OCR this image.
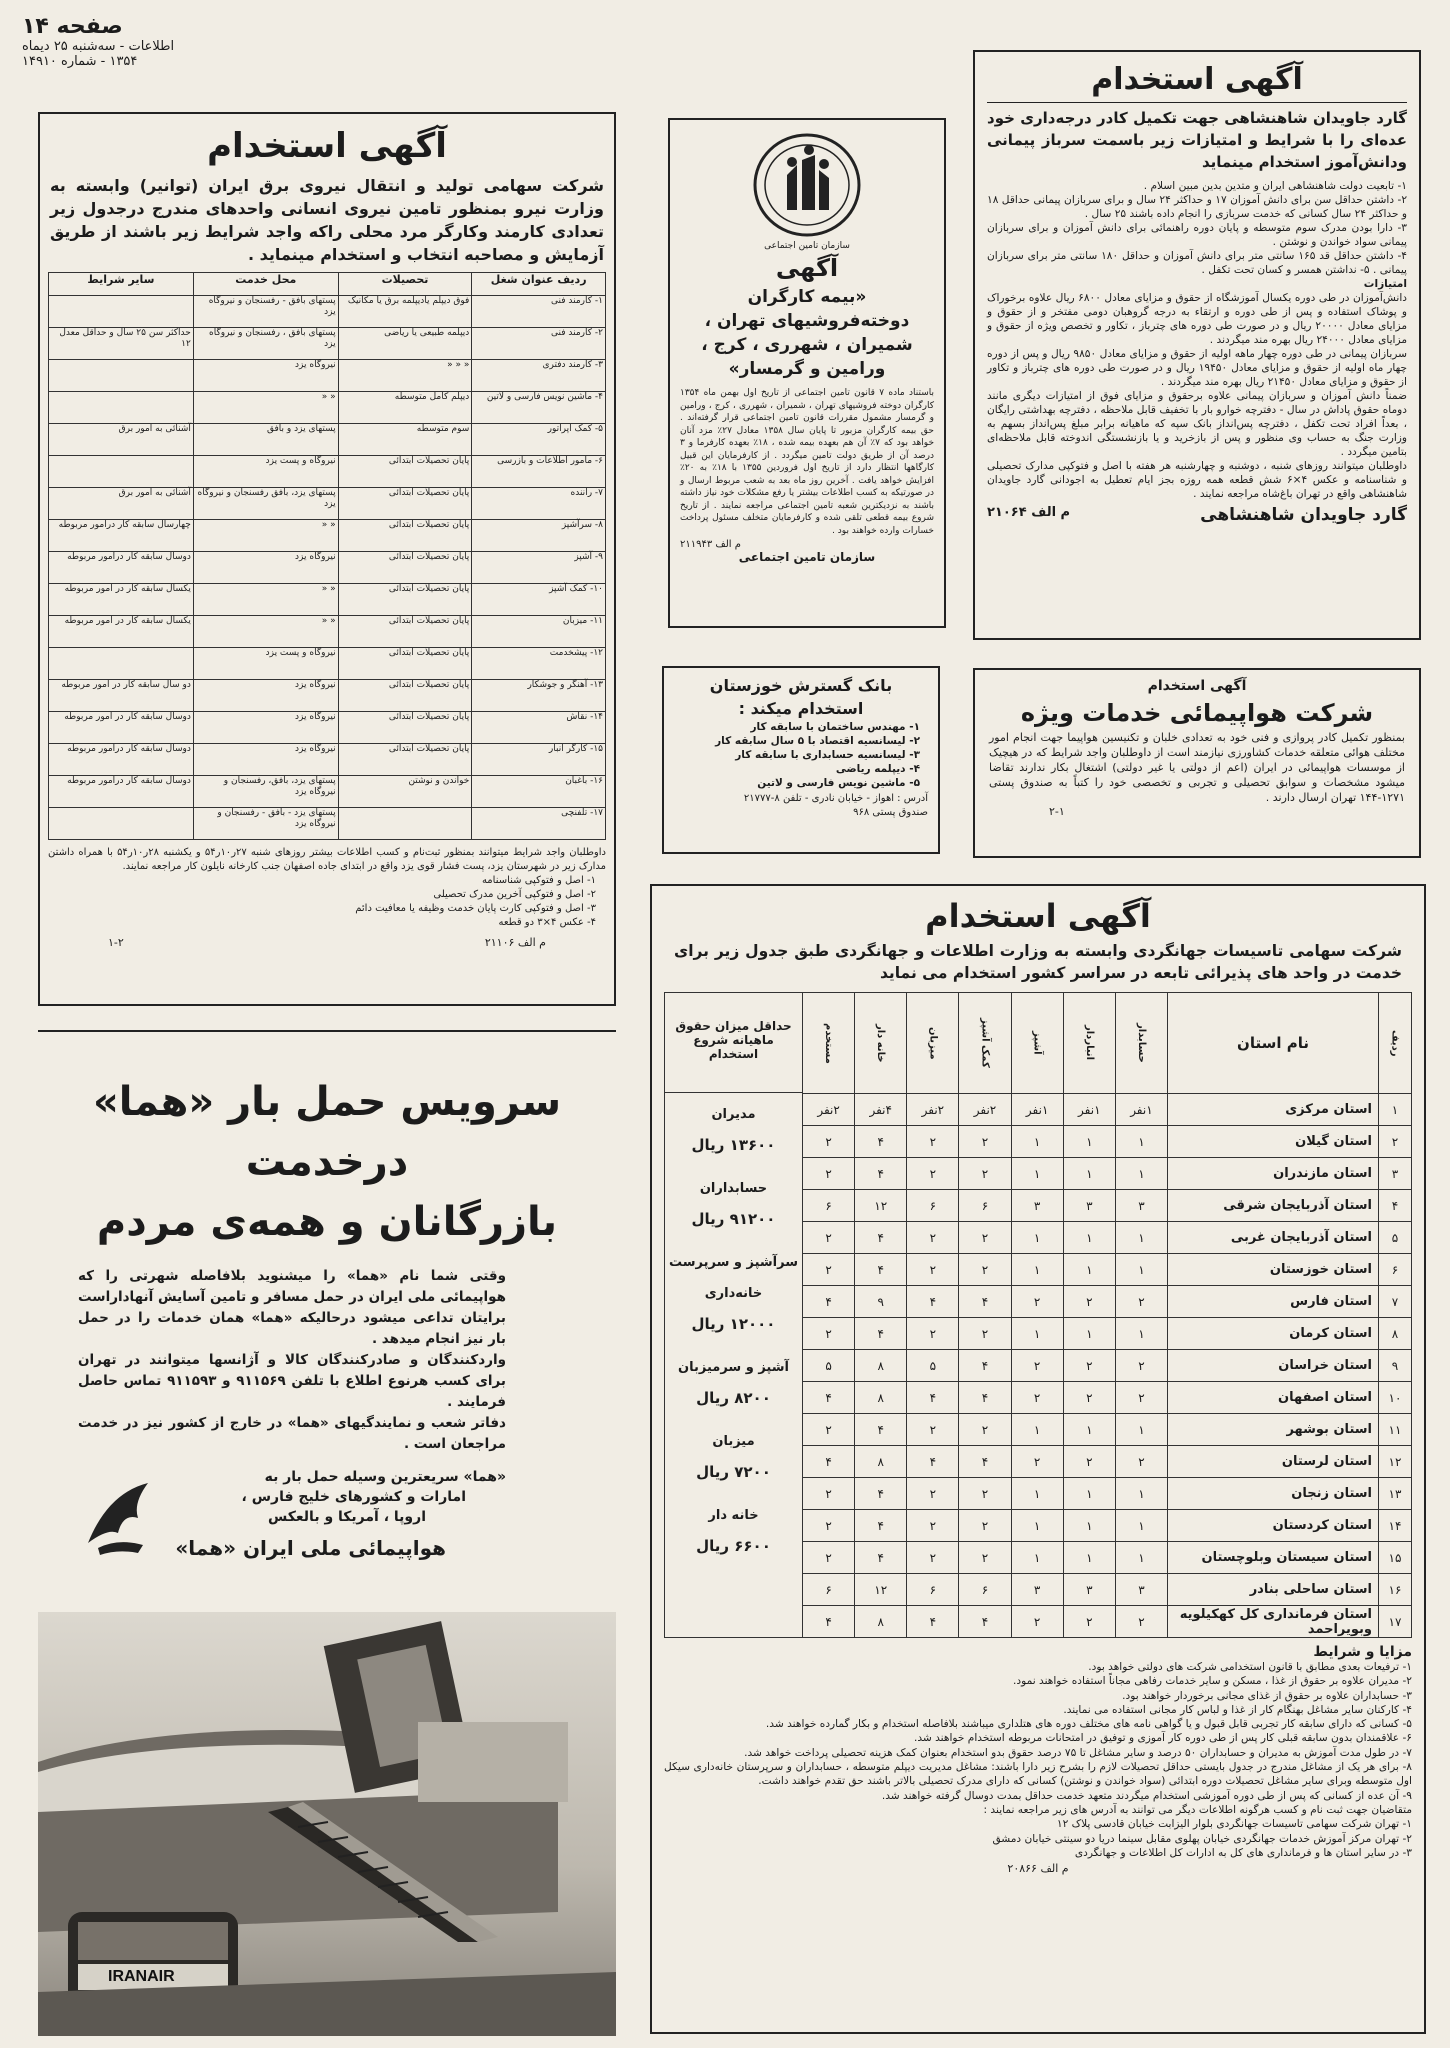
صفحه ۱۴
اطلاعات - سه‌شنبه ۲۵ دیماه
۱۳۵۴ - شماره ۱۴۹۱۰
آگهی استخدام

گارد جاویدان شاهنشاهی جهت تکمیل کادر درجه‌داری خود عده‌ای را با شرایط و امتیازات زیر باسمت سرباز پیمانی ودانش‌آموز استخدام مینماید

۱- تابعیت دولت شاهنشاهی ایران و متدین بدین مبین اسلام .

۲- داشتن حداقل سن برای دانش آموزان ۱۷ و حداکثر ۲۴ سال و برای سربازان پیمانی حداقل ۱۸ و حداکثر ۲۴ سال کسانی که خدمت سربازی را انجام داده باشند ۲۵ سال .

۳- دارا بودن مدرک سوم متوسطه و پایان دوره راهنمائی برای دانش آموزان و برای سربازان پیمانی سواد خواندن و نوشتن .

۴- داشتن حداقل قد ۱۶۵ سانتی متر برای دانش آموزان و حداقل ۱۸۰ سانتی متر برای سربازان پیمانی . ۵- نداشتن همسر و کسان تحت تکفل .

امتیازات

دانش‌آموزان در طی دوره یکسال آموزشگاه از حقوق و مزایای معادل ۶۸۰۰ ریال علاوه برخوراک و پوشاک استفاده و پس از طی دوره و ارتقاء به درجه گروهبان دومی مفتخر و از حقوق و مزایای معادل ۲۰۰۰۰ ریال و در صورت طی دوره های چترباز ، تکاور و تخصص ویژه از حقوق و مزایای معادل ۲۴۰۰۰ ریال بهره مند میگردند .

سربازان پیمانی در طی دوره چهار ماهه اولیه از حقوق و مزایای معادل ۹۸۵۰ ریال و پس از دوره چهار ماه اولیه از حقوق و مزایای معادل ۱۹۴۵۰ ریال و در صورت طی دوره های چترباز و تکاور از حقوق و مزایای معادل ۲۱۴۵۰ ریال بهره مند میگردند .

ضمناً دانش آموزان و سربازان پیمانی علاوه برحقوق و مزایای فوق از امتیازات دیگری مانند دوماه حقوق پاداش در سال - دفترچه خوارو بار با تخفیف قابل ملاحظه ، دفترچه بهداشتی رایگان ، بعداً افراد تحت تکفل ، دفترچه پس‌انداز بانک سپه که ماهیانه برابر مبلغ پس‌انداز بسهم به وزارت جنگ به حساب وی منظور و پس از بازخرید و یا بازنشستگی اندوخته قابل ملاحظه‌ای بتامین میگردد .

داوطلبان میتوانند روزهای شنبه ، دوشنبه و چهارشنبه هر هفته با اصل و فتوکپی مدارک تحصیلی و شناسنامه و عکس ۴×۶ شش قطعه همه روزه بجز ایام تعطیل به اجودانی گارد جاویدان شاهنشاهی واقع در تهران باغ‌شاه مراجعه نمایند .

گارد جاویدان شاهنشاهی
م الف ۲۱۰۶۴
سازمان تامین اجتماعی
آگهی

«بیمه کارگران دوخته‌فروشیهای تهران ، شمیران ، شهرری ، کرج ، ورامین و گرمسار»

باستناد ماده ۷ قانون تامین اجتماعی از تاریخ اول بهمن ماه ۱۳۵۴ کارگران دوخته فروشیهای تهران ، شمیران ، شهرری ، کرج ، ورامین و گرمسار مشمول مقررات قانون تامین اجتماعی قرار گرفته‌اند . حق بیمه کارگران مزبور تا پایان سال ۱۳۵۸ معادل ۲۷٪ مزد آنان خواهد بود که ۷٪ آن هم بعهده بیمه شده ، ۱۸٪ بعهده کارفرما و ۳ درصد آن از طریق دولت تامین میگردد . از کارفرمایان این قبیل کارگاهها انتظار دارد از تاریخ اول فروردین ۱۳۵۵ با ۱۸٪ به ۲۰٪ افزایش خواهد یافت . آخرین روز ماه بعد به شعب مربوط ارسال و در صورتیکه به کسب اطلاعات بیشتر یا رفع مشکلات خود نیاز داشته باشند به نزدیکترین شعبه تامین اجتماعی مراجعه نمایند . از تاریخ شروع بیمه قطعی تلقی شده و کارفرمایان متخلف مسئول پرداخت خسارات وارده خواهند بود .

م الف ۲۱۱۹۴۳
سازمان تامین اجتماعی
آگهی استخدام

شرکت سهامی تولید و انتقال نیروی برق ایران (توانیر) وابسته به وزارت نیرو بمنظور تامین نیروی انسانی واحدهای مندرج درجدول زیر تعدادی کارمند وکارگر مرد محلی راکه واجد شرایط زیر باشند از طریق آزمایش و مصاحبه انتخاب و استخدام مینماید .

ردیف عنوان شغل	تحصیلات	محل خدمت	سایر شرایط
۱- کارمند فنی	فوق دیپلم یادیپلمه برق یا مکانیک	پستهای بافق - رفسنجان و نیروگاه یزد	
۲- کارمند فنی	دیپلمه طبیعی یا ریاضی	پستهای بافق ، رفسنجان و نیروگاه یزد	حداکثر سن ۲۵ سال و حداقل معدل ۱۲
۳- کارمند دفتری	« « «	نیروگاه یزد	
۴- ماشین نویس فارسی و لاتین	دیپلم کامل متوسطه	« «	
۵- کمک اپراتور	سوم متوسطه	پستهای یزد و بافق	آشنائی به امور برق
۶- مامور اطلاعات و بازرسی	پایان تحصیلات ابتدائی	نیروگاه و پست یزد	
۷- راننده	پایان تحصیلات ابتدائی	پستهای یزد، بافق رفسنجان و نیروگاه یزد	آشنائی به امور برق
۸- سرآشپز	پایان تحصیلات ابتدائی	« «	چهارسال سابقه کار درامور مربوطه
۹- آشپز	پایان تحصیلات ابتدائی	نیروگاه یزد	دوسال سابقه کار درامور مربوطه
۱۰- کمک آشپز	پایان تحصیلات ابتدائی	« «	یکسال سابقه کار در امور مربوطه
۱۱- میزبان	پایان تحصیلات ابتدائی	« «	یکسال سابقه کار در امور مربوطه
۱۲- پیشخدمت	پایان تحصیلات ابتدائی	نیروگاه و پست یزد	
۱۳- آهنگر و جوشکار	پایان تحصیلات ابتدائی	نیروگاه یزد	دو سال سابقه کار در امور مربوطه
۱۴- نقاش	پایان تحصیلات ابتدائی	نیروگاه یزد	دوسال سابقه کار در امور مربوطه
۱۵- کارگر انبار	پایان تحصیلات ابتدائی	نیروگاه یزد	دوسال سابقه کار درامور مربوطه
۱۶- باغبان	خواندن و نوشتن	پستهای یزد، بافق، رفسنجان و نیروگاه یزد	دوسال سابقه کار درامور مربوطه
۱۷- تلفنچی		پستهای یزد - بافق - رفسنجان و نیروگاه یزد	

داوطلبان واجد شرایط میتوانند بمنظور ثبت‌نام و کسب اطلاعات بیشتر روزهای شنبه ۲۷ر۱۰ر۵۴ و یکشنبه ۲۸ر۱۰ر۵۴ با همراه داشتن مدارک زیر در شهرستان یزد، پست فشار قوی یزد واقع در ابتدای جاده اصفهان جنب کارخانه نایلون کار مراجعه نمایند.

۱- اصل و فتوکپی شناسنامه

۲- اصل و فتوکپی آخرین مدرک تحصیلی

۳- اصل و فتوکپی کارت پایان خدمت وظیفه یا معافیت دائم

۴- عکس ۴×۳ دو قطعه

م الف ۲۱۱۰۶
۱-۲
بانک گسترش خوزستان
استخدام میکند :

۱- مهندس ساختمان با سابقه کار

۲- لیسانسیه اقتصاد با ۵ سال سابقه کار

۳- لیسانسیه حسابداری با سابقه کار

۴- دیپلمه ریاضی

۵- ماشین نویس فارسی و لاتین

آدرس : اهواز - خیابان نادری - تلفن ۸-۲۱۷۷۷

صندوق پستی ۹۶۸

آگهی استخدام
شرکت هواپیمائی خدمات ویژه

بمنظور تکمیل کادر پروازی و فنی خود به تعدادی خلبان و تکنیسین هواپیما جهت انجام امور مختلف هوائی متعلقه خدمات کشاورزی نیازمند است از داوطلبان واجد شرایط که در هیچیک از موسسات هواپیمائی در ایران (اعم از دولتی یا غیر دولتی) اشتغال بکار ندارند تقاضا میشود مشخصات و سوابق تحصیلی و تجربی و تخصصی خود را کتباً به صندوق پستی ۱۲۷۱-۱۴۴ تهران ارسال دارند .

۲-۱
آگهی استخدام

شرکت سهامی تاسیسات جهانگردی وابسته به وزارت اطلاعات و جهانگردی طبق جدول زیر برای خدمت در واحد های پذیرائی تابعه در سراسر کشور استخدام می نماید

ردیف	نام استان	حسابدار	انباردار	آشپز	کمک آشپز	میزبان	خانه دار	مستخدم
۱	استان مرکزی	۱نفر	۱نفر	۱نفر	۲نفر	۲نفر	۴نفر	۲نفر
۲	استان گیلان	۱	۱	۱	۲	۲	۴	۲
۳	استان مازندران	۱	۱	۱	۲	۲	۴	۲
۴	استان آذربایجان شرقی	۳	۳	۳	۶	۶	۱۲	۶
۵	استان آذربایجان غربی	۱	۱	۱	۲	۲	۴	۲
۶	استان خوزستان	۱	۱	۱	۲	۲	۴	۲
۷	استان فارس	۲	۲	۲	۴	۴	۹	۴
۸	استان کرمان	۱	۱	۱	۲	۲	۴	۲
۹	استان خراسان	۲	۲	۲	۴	۵	۸	۵
۱۰	استان اصفهان	۲	۲	۲	۴	۴	۸	۴
۱۱	استان بوشهر	۱	۱	۱	۲	۲	۴	۲
۱۲	استان لرستان	۲	۲	۲	۴	۴	۸	۴
۱۳	استان زنجان	۱	۱	۱	۲	۲	۴	۲
۱۴	استان کردستان	۱	۱	۱	۲	۲	۴	۲
۱۵	استان سیستان وبلوچستان	۱	۱	۱	۲	۲	۴	۲
۱۶	استان ساحلی بنادر	۳	۳	۳	۶	۶	۱۲	۶
۱۷	استان فرمانداری کل کهکیلویه وبویراحمد	۲	۲	۲	۴	۴	۸	۴
حداقل میزان حقوق ماهیانه شروع استخدام
مدیران
۱۳۶۰۰ ریال
حسابداران
۹۱۲۰۰ ریال
سرآشپز و سرپرست خانه‌داری
۱۲۰۰۰ ریال
آشپز و سرمیزبان
۸۲۰۰ ریال
میزبان
۷۲۰۰ ریال
خانه دار
۶۶۰۰ ریال
مزایا و شرایط

۱- ترفیعات بعدی مطابق با قانون استخدامی شرکت های دولتی خواهد بود.

۲- مدیران علاوه بر حقوق از غذا ، مسکن و سایر خدمات رفاهی مجاناً استفاده خواهند نمود.

۳- حسابداران علاوه بر حقوق از غذای مجانی برخوردار خواهند بود.

۴- کارکنان سایر مشاغل بهنگام کار از غذا و لباس کار مجانی استفاده می نمایند.

۵- کسانی که دارای سابقه کار تجربی قابل قبول و یا گواهی نامه های مختلف دوره های هتلداری میباشند بلافاصله استخدام و بکار گمارده خواهند شد.

۶- علاقمندان بدون سابقه قبلی کار پس از طی دوره کار آموزی و توفیق در امتحانات مربوطه استخدام خواهند شد.

۷- در طول مدت آموزش به مدیران و حسابداران ۵۰ درصد و سایر مشاغل تا ۷۵ درصد حقوق بدو استخدام بعنوان کمک هزینه تحصیلی پرداخت خواهد شد.

۸- برای هر یک از مشاغل مندرج در جدول بایستی حداقل تحصیلات لازم را بشرح زیر دارا باشند: مشاغل مدیریت دیپلم متوسطه ، حسابداران و سرپرستان خانه‌داری سیکل اول متوسطه وبرای سایر مشاغل تحصیلات دوره ابتدائی (سواد خواندن و نوشتن) کسانی که دارای مدرک تحصیلی بالاتر باشند حق تقدم خواهند داشت.

۹- آن عده از کسانی که پس از طی دوره آموزشی استخدام میگردند متعهد خدمت حداقل بمدت دوسال گرفته خواهند شد.

متقاضیان جهت ثبت نام و کسب هرگونه اطلاعات دیگر می توانند به آدرس های زیر مراجعه نمایند :

۱- تهران شرکت سهامی تاسیسات جهانگردی بلوار الیزابت خیابان قادسی پلاک ۱۲

۲- تهران مرکز آموزش خدمات جهانگردی خیابان پهلوی مقابل سینما دریا دو سینتی خیابان دمشق

۳- در سایر استان ها و فرمانداری های کل به ادارات کل اطلاعات و جهانگردی

م الف ۲۰۸۶۶
سرویس حمل بار «هما» درخدمت
بازرگانان و همه‌ی مردم

وقتی شما نام «هما» را میشنوید بلافاصله شهرتی را که هواپیمائی ملی ایران در حمل مسافر و تامین آسایش آنهاداراست برایتان تداعی میشود درحالیکه «هما» همان خدمات را در حمل بار نیز انجام میدهد .

واردکنندگان و صادرکنندگان کالا و آژانسها میتوانند در تهران برای کسب هرنوع اطلاع با تلفن ۹۱۱۵۶۹ و ۹۱۱۵۹۳ تماس حاصل فرمایند .

دفاتر شعب و نمایندگیهای «هما» در خارج از کشور نیز در خدمت مراجعان است .

«هما» سریعترین وسیله حمل بار به

امارات و کشورهای خلیج فارس ،

اروپا ، آمریکا و بالعکس

هواپیمائی ملی ایران «هما»

IRANAIR
